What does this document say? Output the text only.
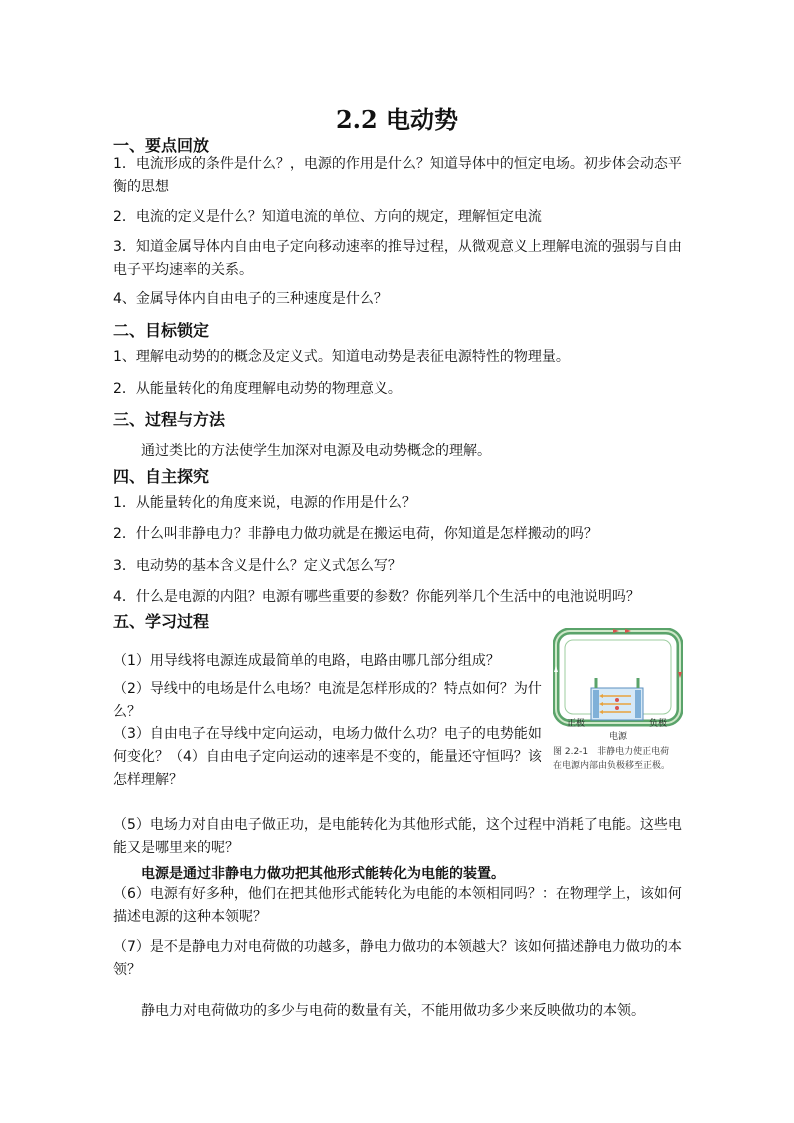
2.2 电动势
一、要点回放
1．电流形成的条件是什么？，电源的作用是什么？知道导体中的恒定电场。初步体会动态平衡的思想
2．电流的定义是什么？知道电流的单位、方向的规定，理解恒定电流
3．知道金属导体内自由电子定向移动速率的推导过程，从微观意义上理解电流的强弱与自由电子平均速率的关系。
4、金属导体内自由电子的三种速度是什么？
二、目标锁定
1、理解电动势的的概念及定义式。知道电动势是表征电源特性的物理量。
2．从能量转化的角度理解电动势的物理意义。
三、过程与方法
通过类比的方法使学生加深对电源及电动势概念的理解。
四、自主探究
1．从能量转化的角度来说，电源的作用是什么？
2．什么叫非静电力？非静电力做功就是在搬运电荷，你知道是怎样搬动的吗？
3．电动势的基本含义是什么？定义式怎么写？
4．什么是电源的内阻？电源有哪些重要的参数？你能列举几个生活中的电池说明吗？
五、学习过程
（1）用导线将电源连成最简单的电路，电路由哪几部分组成？
（2）导线中的电场是什么电场？电流是怎样形成的？特点如何？为什么？
（3）自由电子在导线中定向运动，电场力做什么功？电子的电势能如何变化？（4）自由电子定向运动的速率是不变的，能量还守恒吗？该怎样理解？
（5）电场力对自由电子做正功，是电能转化为其他形式能，这个过程中消耗了电能。这些电能又是哪里来的呢？
电源是通过非静电力做功把其他形式能转化为电能的装置。
（6）电源有好多种，他们在把其他形式能转化为电能的本领相同吗？：在物理学上，该如何描述电源的这种本领呢？
（7）是不是静电力对电荷做的功越多，静电力做功的本领越大？该如何描述静电力做功的本领？
静电力对电荷做功的多少与电荷的数量有关，不能用做功多少来反映做功的本领。
正极	负极
电源
图 2.2-1　非静电力使正电荷
在电源内部由负极移至正极。
